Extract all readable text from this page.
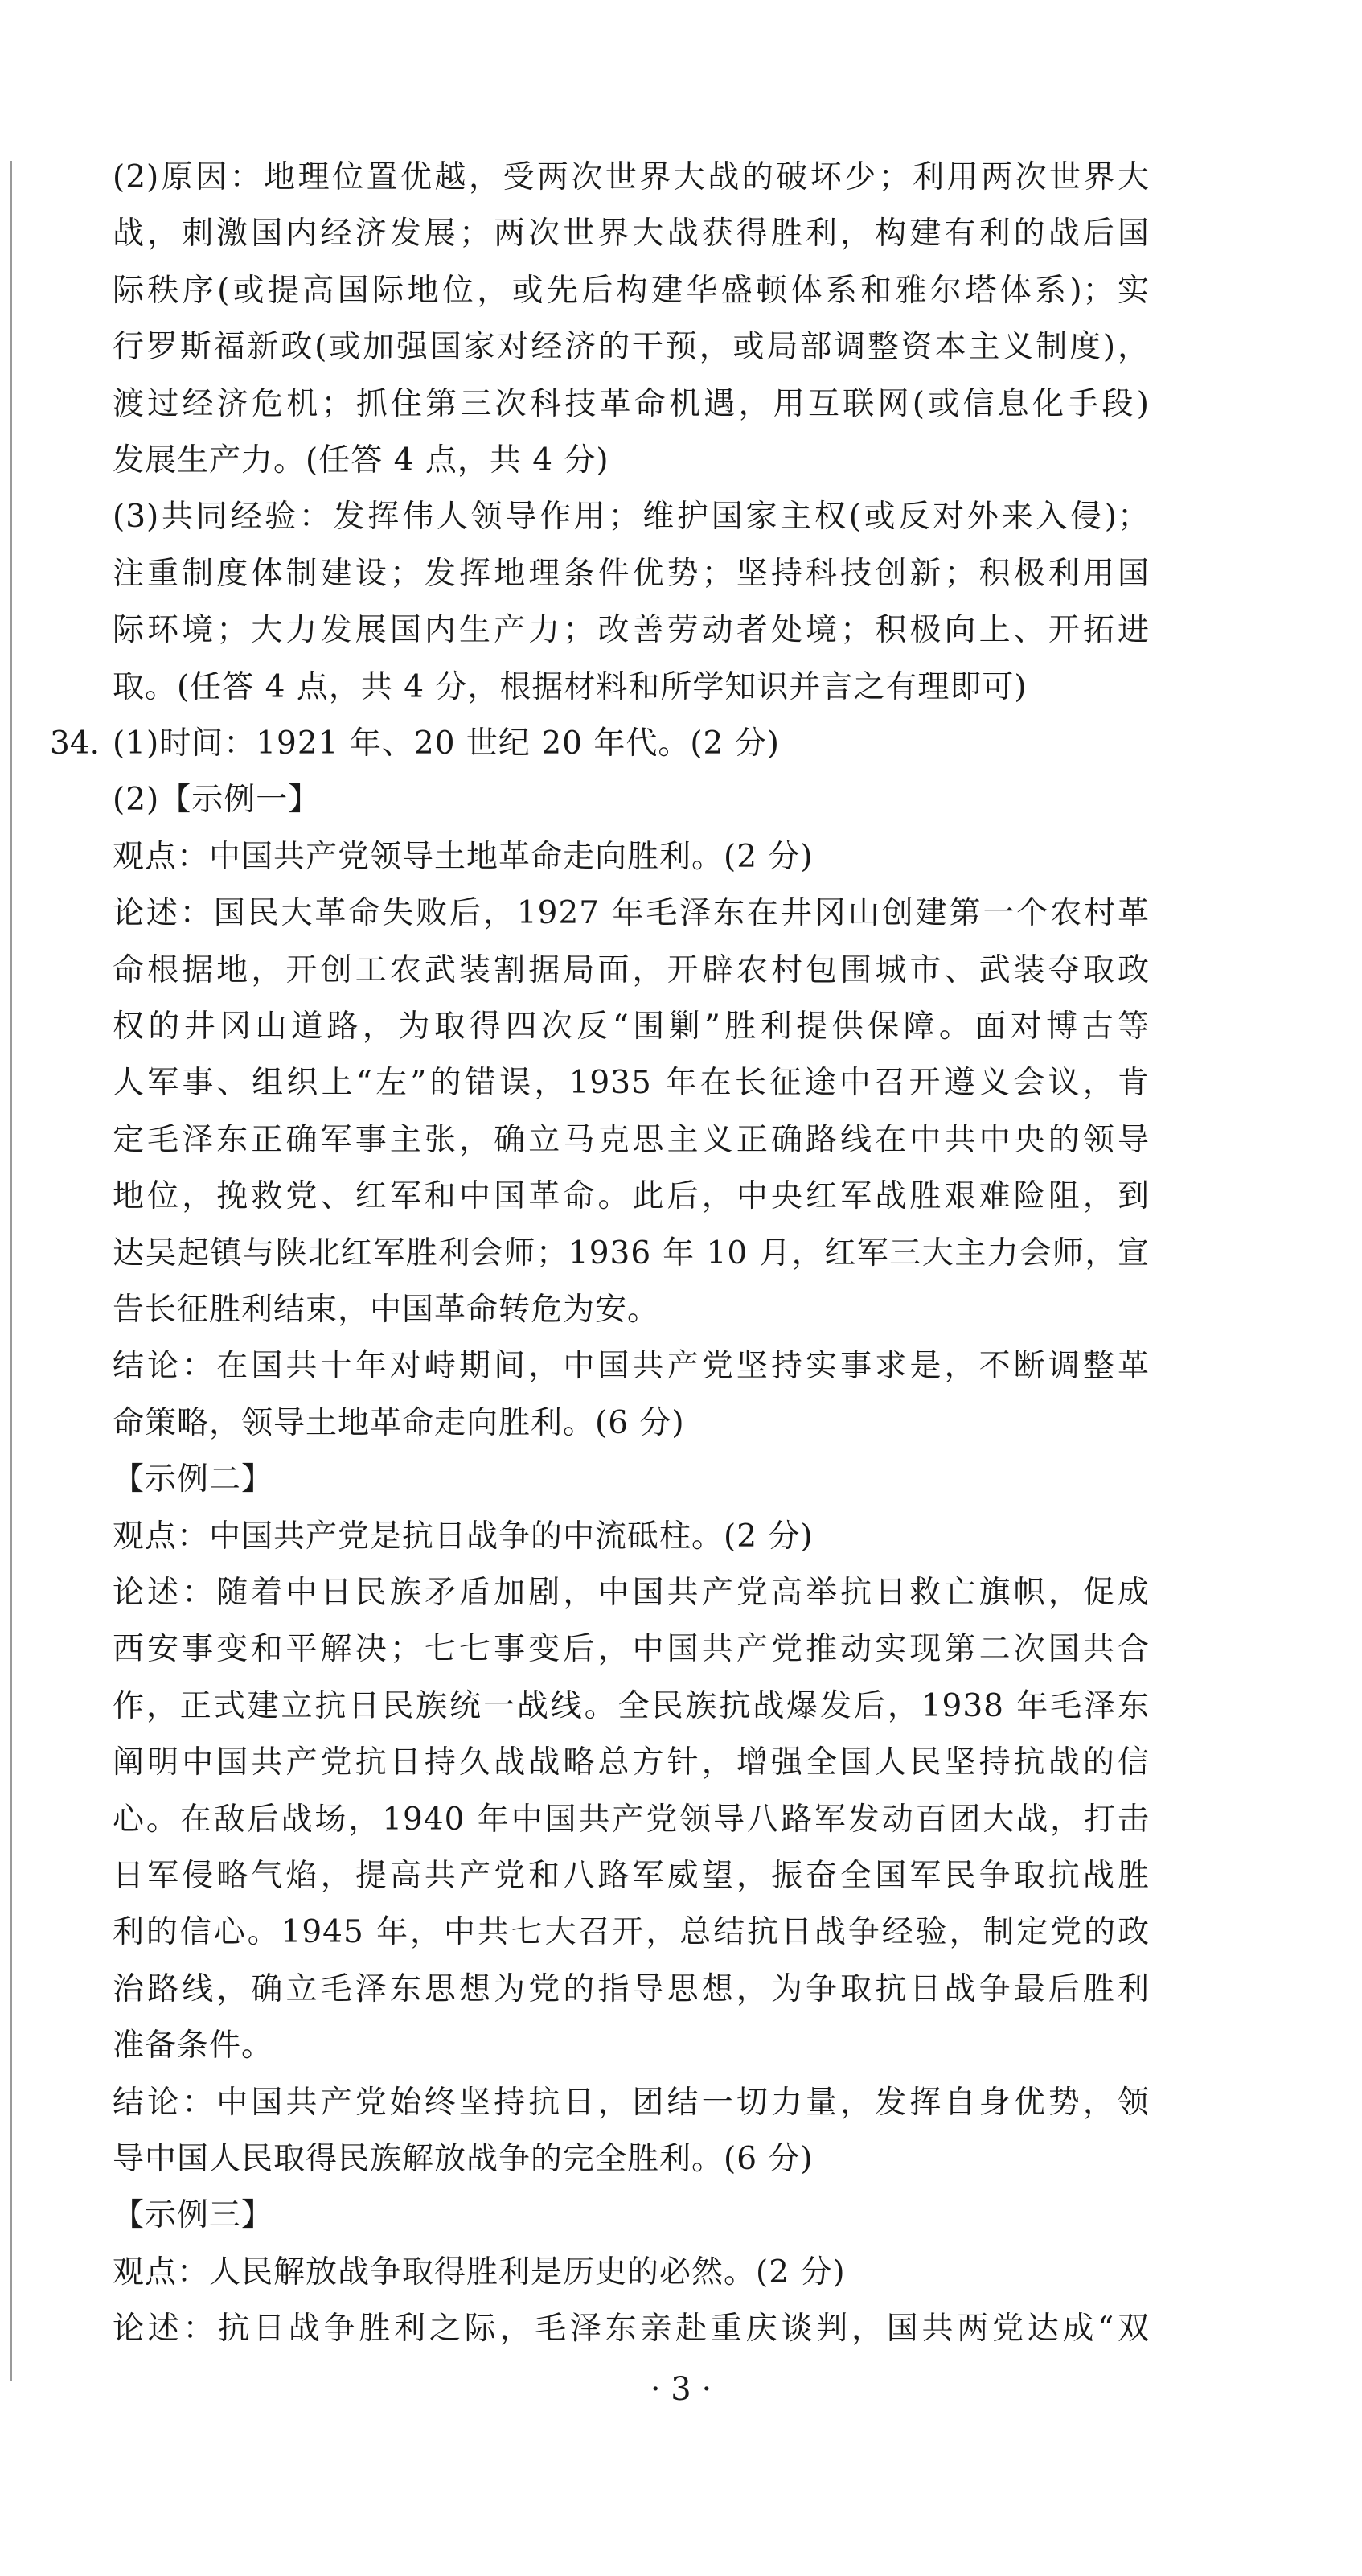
(2)原因：地理位置优越，受两次世界大战的破坏少；利用两次世界大
战，刺激国内经济发展；两次世界大战获得胜利，构建有利的战后国
际秩序(或提高国际地位，或先后构建华盛顿体系和雅尔塔体系)；实
行罗斯福新政(或加强国家对经济的干预，或局部调整资本主义制度)，
渡过经济危机；抓住第三次科技革命机遇，用互联网(或信息化手段)
发展生产力。(任答 4 点，共 4 分)
(3)共同经验：发挥伟人领导作用；维护国家主权(或反对外来入侵)；
注重制度体制建设；发挥地理条件优势；坚持科技创新；积极利用国
际环境；大力发展国内生产力；改善劳动者处境；积极向上、开拓进
取。(任答 4 点，共 4 分，根据材料和所学知识并言之有理即可)
34. (1)时间：1921 年、20 世纪 20 年代。(2 分)
(2)【示例一】
观点：中国共产党领导土地革命走向胜利。(2 分)
论述：国民大革命失败后，1927 年毛泽东在井冈山创建第一个农村革
命根据地，开创工农武装割据局面，开辟农村包围城市、武装夺取政
权的井冈山道路，为取得四次反“围剿”胜利提供保障。面对博古等
人军事、组织上“左”的错误，1935 年在长征途中召开遵义会议，肯
定毛泽东正确军事主张，确立马克思主义正确路线在中共中央的领导
地位，挽救党、红军和中国革命。此后，中央红军战胜艰难险阻，到
达吴起镇与陕北红军胜利会师；1936 年 10 月，红军三大主力会师，宣
告长征胜利结束，中国革命转危为安。
结论：在国共十年对峙期间，中国共产党坚持实事求是，不断调整革
命策略，领导土地革命走向胜利。(6 分)
【示例二】
观点：中国共产党是抗日战争的中流砥柱。(2 分)
论述：随着中日民族矛盾加剧，中国共产党高举抗日救亡旗帜，促成
西安事变和平解决；七七事变后，中国共产党推动实现第二次国共合
作，正式建立抗日民族统一战线。全民族抗战爆发后，1938 年毛泽东
阐明中国共产党抗日持久战战略总方针，增强全国人民坚持抗战的信
心。在敌后战场，1940 年中国共产党领导八路军发动百团大战，打击
日军侵略气焰，提高共产党和八路军威望，振奋全国军民争取抗战胜
利的信心。1945 年，中共七大召开，总结抗日战争经验，制定党的政
治路线，确立毛泽东思想为党的指导思想，为争取抗日战争最后胜利
准备条件。
结论：中国共产党始终坚持抗日，团结一切力量，发挥自身优势，领
导中国人民取得民族解放战争的完全胜利。(6 分)
【示例三】
观点：人民解放战争取得胜利是历史的必然。(2 分)
论述：抗日战争胜利之际，毛泽东亲赴重庆谈判，国共两党达成“双
· 3 ·
